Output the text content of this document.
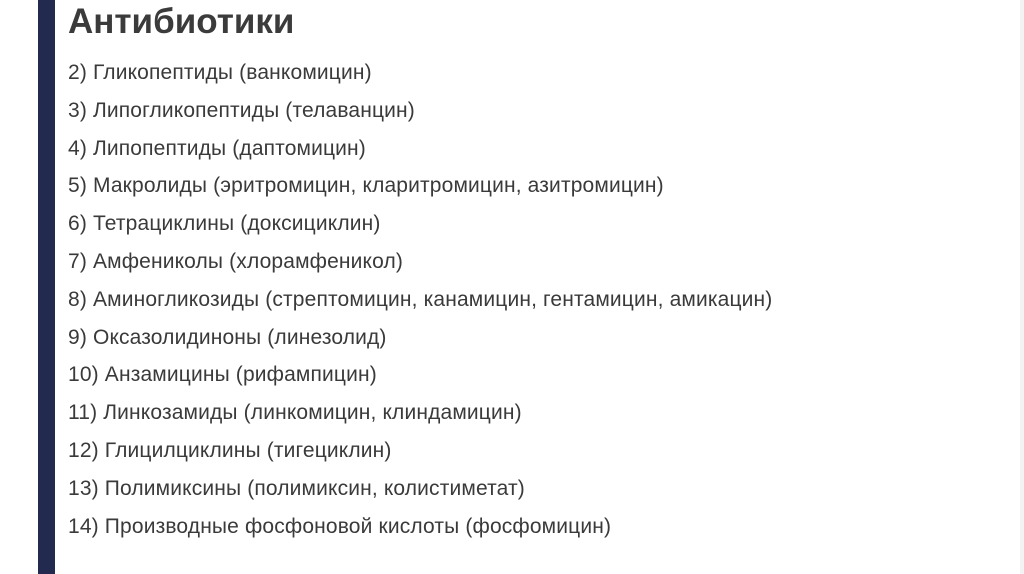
Антибиотики
2) Гликопептиды (ванкомицин)
3) Липогликопептиды (телаванцин)
4) Липопептиды (даптомицин)
5) Макролиды (эритромицин, кларитромицин, азитромицин)
6) Тетрациклины (доксициклин)
7) Амфениколы (хлорамфеникол)
8) Аминогликозиды (стрептомицин, канамицин, гентамицин, амикацин)
9) Оксазолидиноны (линезолид)
10) Анзамицины (рифампицин)
11) Линкозамиды (линкомицин, клиндамицин)
12) Глицилциклины (тигециклин)
13) Полимиксины (полимиксин, колистиметат)
14) Производные фосфоновой кислоты (фосфомицин)
